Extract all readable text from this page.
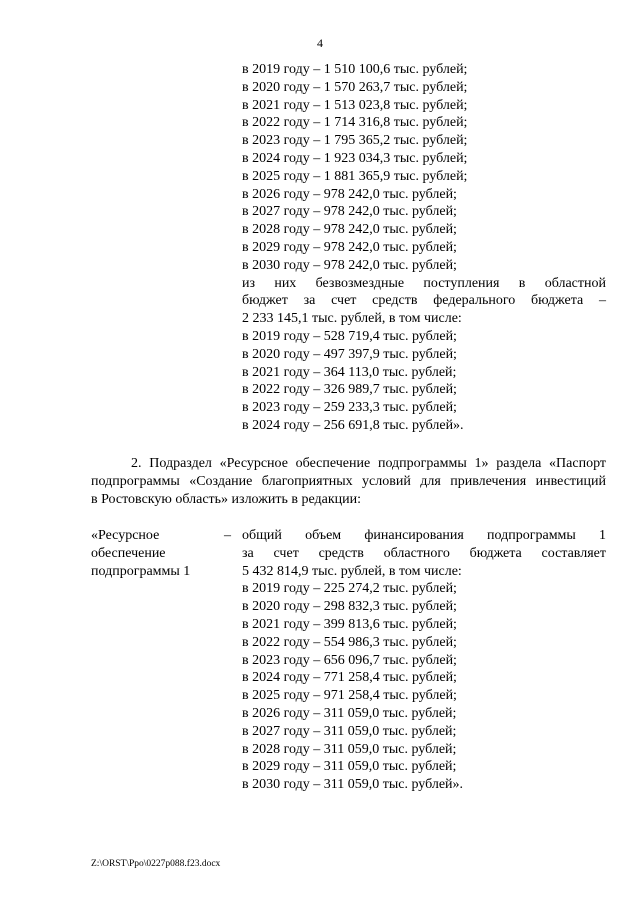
4
в 2019 году – 1 510 100,6 тыс. рублей;
в 2020 году – 1 570 263,7 тыс. рублей;
в 2021 году – 1 513 023,8 тыс. рублей;
в 2022 году – 1 714 316,8 тыс. рублей;
в 2023 году – 1 795 365,2 тыс. рублей;
в 2024 году – 1 923 034,3 тыс. рублей;
в 2025 году – 1 881 365,9 тыс. рублей;
в 2026 году – 978 242,0 тыс. рублей;
в 2027 году – 978 242,0 тыс. рублей;
в 2028 году – 978 242,0 тыс. рублей;
в 2029 году – 978 242,0 тыс. рублей;
в 2030 году – 978 242,0 тыс. рублей;
из них безвозмездные поступления в областной
бюджет за счет средств федерального бюджета –
2 233 145,1 тыс. рублей, в том числе:
в 2019 году – 528 719,4 тыс. рублей;
в 2020 году – 497 397,9 тыс. рублей;
в 2021 году – 364 113,0 тыс. рублей;
в 2022 году – 326 989,7 тыс. рублей;
в 2023 году – 259 233,3 тыс. рублей;
в 2024 году – 256 691,8 тыс. рублей».
2. Подраздел «Ресурсное обеспечение подпрограммы 1» раздела «Паспорт
подпрограммы «Создание благоприятных условий для привлечения инвестиций
в Ростовскую область» изложить в редакции:
«Ресурсное
обеспечение
подпрограммы 1
– общий объем финансирования подпрограммы 1
за счет средств областного бюджета составляет
5 432 814,9 тыс. рублей, в том числе:
в 2019 году – 225 274,2 тыс. рублей;
в 2020 году – 298 832,3 тыс. рублей;
в 2021 году – 399 813,6 тыс. рублей;
в 2022 году – 554 986,3 тыс. рублей;
в 2023 году – 656 096,7 тыс. рублей;
в 2024 году – 771 258,4 тыс. рублей;
в 2025 году – 971 258,4 тыс. рублей;
в 2026 году – 311 059,0 тыс. рублей;
в 2027 году – 311 059,0 тыс. рублей;
в 2028 году – 311 059,0 тыс. рублей;
в 2029 году – 311 059,0 тыс. рублей;
в 2030 году – 311 059,0 тыс. рублей».
Z:\ORST\Ppo\0227p088.f23.docx
